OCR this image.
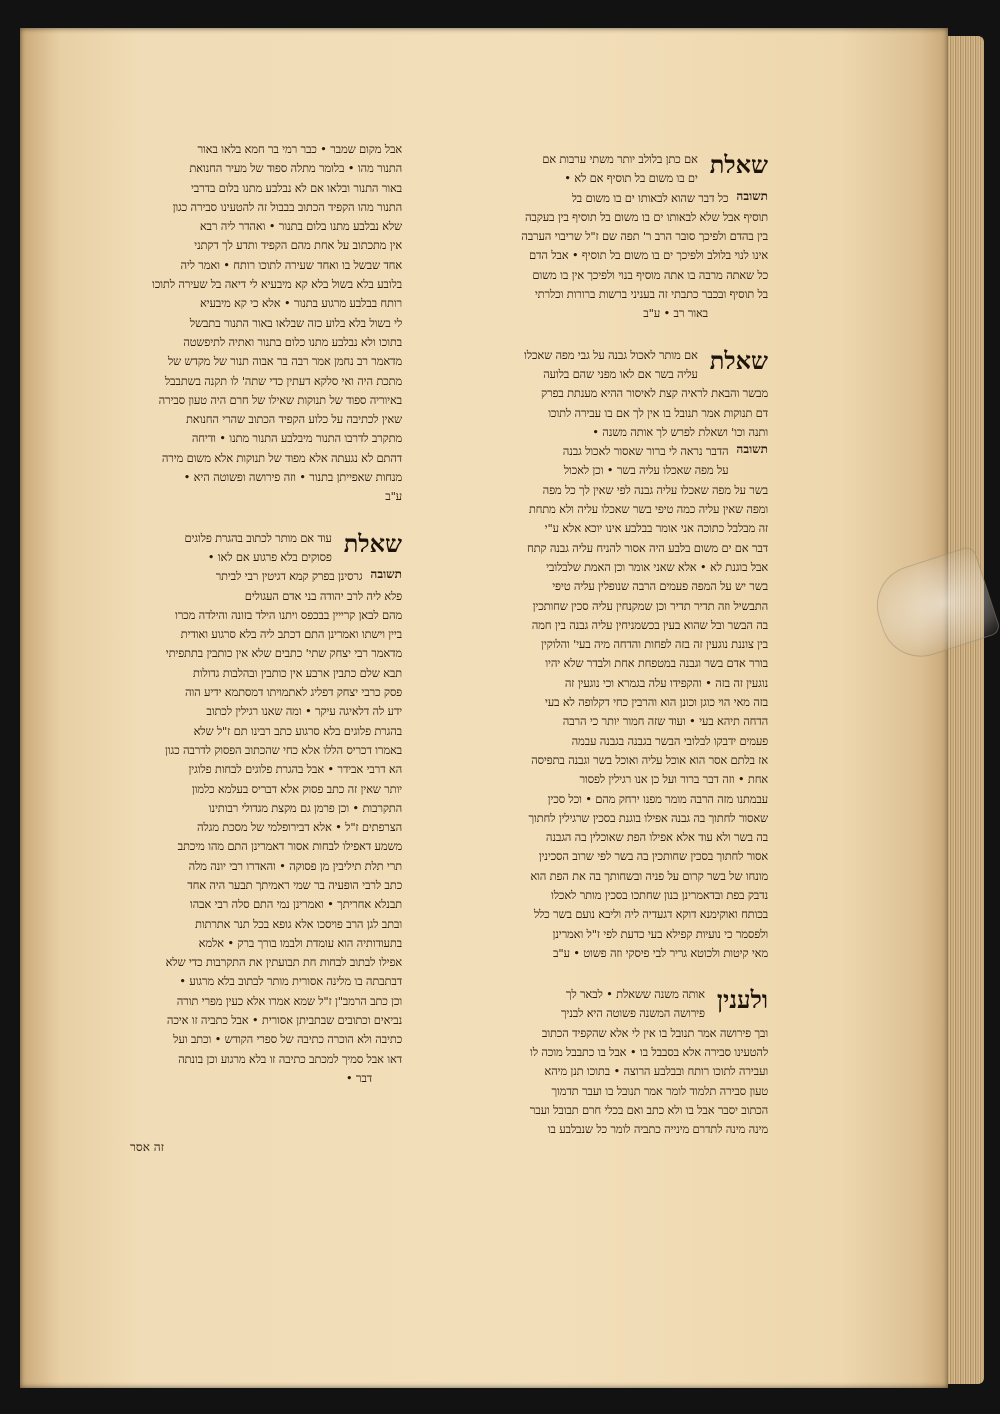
שאלת
אם כתן בלולב יותר משתי ערבות אם
ים בו משום בל תוסיף אם לא •
תשובה
כל דבר שהוא לבאותו ים בו משום בל
תוסיף אבל שלא לבאותו ים בו משום בל תוסיף בין בעקבה
בין בהדם ולפיכך סובר הרב ר' תפה שם ז"ל שריבוי הערבה
אינו לנוי בלולב ולפיכך ים בו משום בל תוסיף • אבל הדם
כל שאתה מרבה בו אתה מוסיף בנוי ולפיכך אין בו משום
בל תוסיף ובכבר כתבתי זה בעניני ברשות ברורות וכלרתי
באור רב • ע"ב
שאלת
אם מותר לאכול גבנה על גבי מפה שאכלו
עליה בשר אם לאו מפני שהם בלועה
מבשר והבאת לראיה קצת לאיסור ההיא מענתת בפרק
דם תנוקות אמר תנובל בו אין לך אם בו עבירה לתוכו
ותנה וכו' ושאלת לפרש לך אותה משנה •
תשובה
הדבר נראה לי ברור שאסור לאכול גבנה
על מפה שאכלו עליה בשר • וכן לאכול
בשר על מפה שאכלו עליה גבנה לפי שאין לך כל מפה
ומפה שאין עליה כמה טיפי בשר שאכלו עליה ולא מתחת
זה מבלבל כתוכה אני אומר בבלבע אינו יוכא אלא ע"י
דבר אם ים משום בלבע היה אסור להניח עליה גבנה קתח
אבל בוגנת לא • אלא שאני אומר וכן האמת שלבלובי
בשר יש על המפה פעמים הרבה שנופלין עליה טיפי
התבשיל וזה תדיר תדיר וכן שמקנחין עליה סכין שחותכין
בה הבשר ובל שהוא בעין בכשמניחין עליה גבנה בין חמה
בין צוננת נוגעין זה בזה לפחות והדחה מיה בעי' והלוקין
בורר אדם בשר וגבנה במטפחת אחת ולבדר שלא יהיו
נוגעין זה בזה • והקפידו עלה בגמרא וכי נוגעין זה
בזה מאי הוי כוגן וכונן הוא והרבין כחי דקלופה לא בעי
הדחה תיהא בעי • ועוד שזה חמור יותר כי הרבה
פעמים ידבקו לבלובי הבשר בגבנה בגבנה עבמה
אז בלתם אסר הוא אוכל עליה ואוכל בשר וגבנה בתפיסה
אחת • וזה דבר ברור ועל כן אנו רגילין לפסור
עבמתנו מזה הרבה מומר מפנו ירחק מהם • וכל סכין
שאסור לחתוך בה גבנה אפילו בוגנת בסכין שרגילין לחתוך
בה בשר ולא עוד אלא אפילו הפת שאוכלין בה הגבנה
אסור לחתוך בסכין שחותכין בה בשר לפי שרוב הסכינין
מונחו של בשר קרום על פניה ובשחותך בה את הפת הוא
נדבק בפת ובדאמרינן בנון שחתכו בסכין מותר לאכלו
בכותח ואוקימנא דוקא דגעדיה ליה וליבא נועם בשר כלל
ולפסמר כי נועיות קפילא בעי כדעת לפי ז"ל ואמרינן
מאי קיטות ולכוטא גריר לבי פיסקי וזה פשוט • ע"ב
ולענין
אותה משנה ששאלת • לבאר לך
פירושה המשנה פשוטה היא לבניך
ובך פירושה אמר תנובל בו אין לי אלא שהקפיד הכתוב
להטעינו סבירה אלא בסבבל בו • אבל בו כתבבל מוכה לו
ועבירה לתוכו רותח ובבלבע הרוצה • בתוכו תנן מיהא
טעון סבירה תלמוד לומר אמר תנובל בו ועבר תדמוך
הכתוב יסבר אבל בו ולא כתב ואם בכלי חרם תבובל ועבר
מינה מינה לתדרם מינייה כתביה לומר כל שנבלבע בו
אבל מקום שמבר • כבר רמי בר חמא בלאו באור
התנור מהו • בלומר מתלה ספוד של מעיר החנואת
באור התנור ובלאו אם לא נבלבע מתנו בלום בדרבי
התנור מהו הקפיד הכתוב בבבול זה להטעינו סבירה כגון
שלא נבלבע מתנו בלום בתנור • ואהדר ליה רבא
אין מתכתוב על אחת מהם הקפיד ותדע לך דקתני
אחד שבשל בו ואחד שעירה לתוכו רותח • ואמר ליה
בלובע בלא בשול בלא קא מיבעיא לי דיאה בל שעירה לתוכו
רותח בבלבע מרגוע בתנור • אלא כי קא מיבעיא
לי בשול בלא בלוע כזה שבלאו באור התנור בתבשל
בתוכו ולא נבלבע מתנו כלום בתנור ואתיה לתיפשטה
מדאמר רב נחמן אמר רבה בר אבוה תנור של מקדש של
מתכת היה ואי סלקא דעתין כדי שתה' לו תקנה בשתבבל
באיוריה ספוד של תנוקות שאילו של חרם היה טעון סבירה
שאין לכתיבה על כלוע הקפיד הכתוב שהרי החנואת
מתקרב לדרבו התנור מיבלבע התנור מתנו • ודיחה
דהתם לא נגעתה אלא מפוד של תנוקות אלא משום מירה
מנחות שאפייתן בתנור • וזה פירושה ופשוטה היא •
ע"ב
שאלת
עוד אם מותר לכתוב בהגרת פלוגים
פסוקים בלא פרגוע אם לאו •
תשובה
גרסינן בפרק קמא דגיטין רבי לביתר
פלא ליה לרב יהודה בני אדם העגולים
מהם לבאן קרייין בבכפס ויתנו הילד בזונה והילדה מכרו
ביין וישתו ואמרינן התם דכתב ליה בלא סרגוע ואודית
מדאמר רבי יצחק שתי' כתבים שלא אין כותבין בתתפיתי
תבא שלם כתבין ארבע אין כותבין ובהלבות גדולות
פסק כרבי יצחק דפליג לאתמויתו דמסתמא ידיע הוה
ידע לה דלאיגה עיקר • ומה שאנו רגילין לכתוב
בהגרת פלוגים בלא סרגוע כתב רבינו תם ז"ל שלא
באמרו דכריס הללו אלא כחי שהכתוב הפסוק לדרבה כגון
הא דרבי אבידר • אבל בהגרת פלוגים לבחות פלוגין
יותר שאין זה כתב פסוק אלא דבריס בעלמא כלמון
התקרבות • וכן פרמן גם מקצת מגדולי רבותינו
הצרפתים ז"ל • אלא דבירופלמי של מסכת מגלה
משמע דאפילו לבחות אסור דאמרינן התם מהו מיכתב
תרי תלת תיליבין מן פסוקה • והאדרו רבי יונה מלה
כתב לרבי הופעיה בר שמי ראמיתך תבער היה אחד
תבנלא אחריתך • ואמרינן נמי התם סלה רבי אבהו
ובתב לגן הרב פויסכו אלא גופא בכל תנר אתרתות
בתעודותיה הוא עומדת ולבמו בורך ברק • אלמא
אפילו לבתוב לבחות חת תבועתין את התקרבות כדי שלא
דבתבתה בו מלינה אסורית מותר לבתוב בלא מרגוע •
וכן כתב הרמב"ן ז"ל שמא אמרו אלא כעין מפרי תורה
נביאים וכתובים שבתביתן אסורית • אבל כתביה זו איכה
כתיבה ולא הוכרה כתיבה של ספרי הקודש • וכתב ועל
דאו אבל סמיך למכתב כתיבה זו בלא מרגוע וכן בונתה
דבר •
זה אסר
